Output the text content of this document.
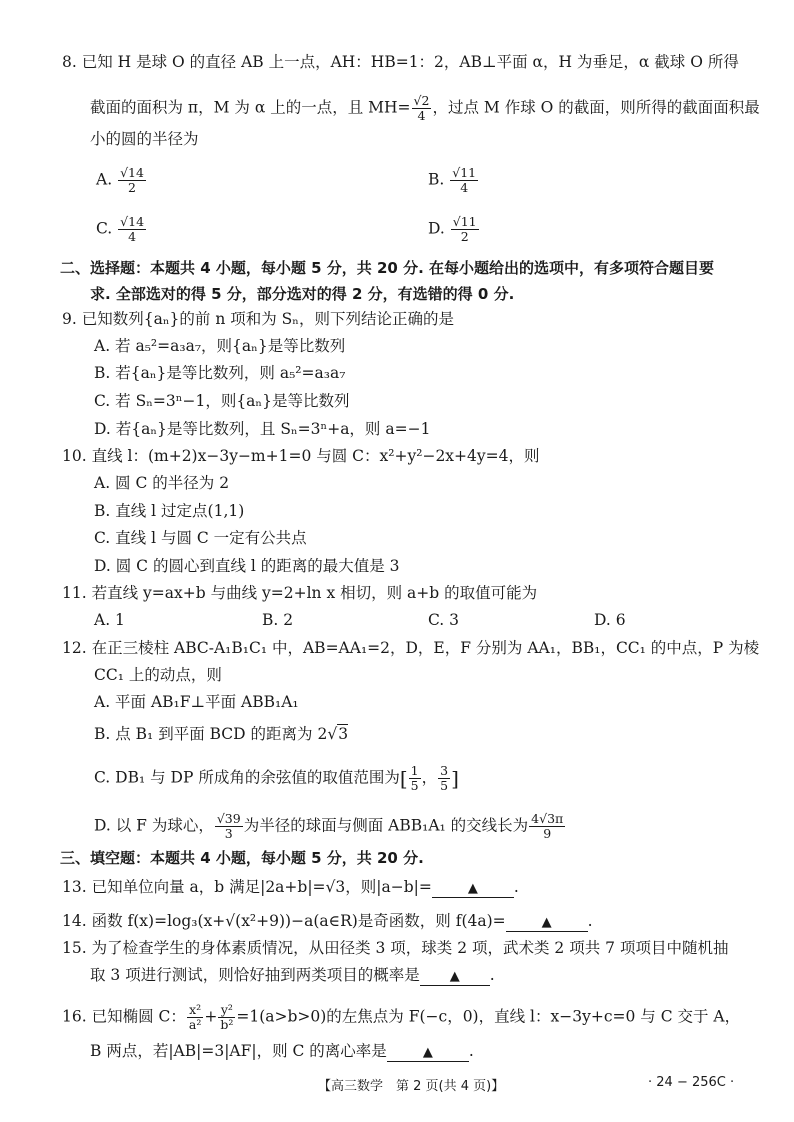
8. 已知 H 是球 O 的直径 AB 上一点，AH：HB=1：2，AB⊥平面 α，H 为垂足，α 截球 O 所得
截面的面积为 π，M 为 α 上的一点，且 $MH= \frac{√2}{4}$ ，过点 M 作球 O 的截面，则所得的截面面积最
小的圆的半径为
A. $\frac{√14}{2}$	B. $\frac{√11}{4}$
C. $\frac{√14}{4}$	D. $\frac{√11}{2}$
二、选择题：本题共 4 小题，每小题 5 分，共 20 分. 在每小题给出的选项中，有多项符合题目要
求. 全部选对的得 5 分，部分选对的得 2 分，有选错的得 0 分.
9. 已知数列{aₙ}的前 n 项和为 Sₙ，则下列结论正确的是
A. 若 a₅²=a₃a₇，则{aₙ}是等比数列
B. 若{aₙ}是等比数列，则 a₅²=a₃a₇
C. 若 Sₙ=3ⁿ−1，则{aₙ}是等比数列
D. 若{aₙ}是等比数列，且 Sₙ=3ⁿ+a，则 a=−1
10. 直线 l：(m+2)x−3y−m+1=0 与圆 C：x²+y²−2x+4y=4，则
A. 圆 C 的半径为 2
B. 直线 l 过定点(1,1)
C. 直线 l 与圆 C 一定有公共点
D. 圆 C 的圆心到直线 l 的距离的最大值是 3
11. 若直线 y=ax+b 与曲线 y=2+ln x 相切，则 a+b 的取值可能为
A. 1	B. 2	C. 3	D. 6
12. 在正三棱柱 ABC-A₁B₁C₁ 中，AB=AA₁=2，D，E，F 分别为 AA₁，BB₁，CC₁ 的中点，P 为棱
CC₁ 上的动点，则
A. 平面 AB₁F⊥平面 ABB₁A₁
B. 点 B₁ 到平面 BCD 的距离为 2√3
C. DB₁ 与 DP 所成角的余弦值的取值范围为[ $\frac{1}{5}$ ， $\frac{3}{5}$ ]
D. 以 F 为球心， $\frac{√39}{3}$ 为半径的球面与侧面 ABB₁A₁ 的交线长为 $\frac{4√3\pi}{9}$
三、填空题：本题共 4 小题，每小题 5 分，共 20 分.
13. 已知单位向量 a，b 满足|2a+b|=√3，则|a−b|=	▲ .
14. 函数 f(x)=log₃(x+√(x²+9))−a(a∈R)是奇函数，则 f(4a)=	▲ .
15. 为了检查学生的身体素质情况，从田径类 3 项，球类 2 项，武术类 2 项共 7 项项目中随机抽
取 3 项进行测试，则恰好抽到两类项目的概率是 ▲ .
16. 已知椭圆 C： $\frac{\text{x²}}{\text{a²}} + \frac{\text{y²}}{\text{b²}} =1(a>b>0)$的左焦点为 F(−c，0)，直线 l：x−3y+c=0 与 C 交于 A，
B 两点，若|AB|=3|AF|，则 C 的离心率是	▲ .
【高三数学　第 2 页(共 4 页)】	· 24 − 256C ·
